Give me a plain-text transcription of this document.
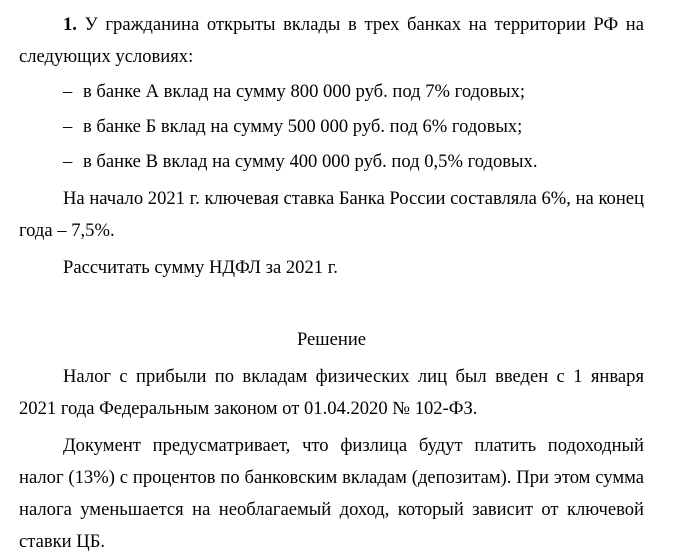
1. У гражданина открыты вклады в трех банках на территории РФ на следующих условиях:

– в банке А вклад на сумму 800 000 руб. под 7% годовых;
– в банке Б вклад на сумму 500 000 руб. под 6% годовых;
– в банке В вклад на сумму 400 000 руб. под 0,5% годовых.

На начало 2021 г. ключевая ставка Банка России составляла 6%, на конец года – 7,5%.

Рассчитать сумму НДФЛ за 2021 г.

Решение

Налог с прибыли по вкладам физических лиц был введен с 1 января 2021 года Федеральным законом от 01.04.2020 № 102-ФЗ.

Документ предусматривает, что физлица будут платить подоходный налог (13%) с процентов по банковским вкладам (депозитам). При этом сумма налога уменьшается на необлагаемый доход, который зависит от ключевой ставки ЦБ.
